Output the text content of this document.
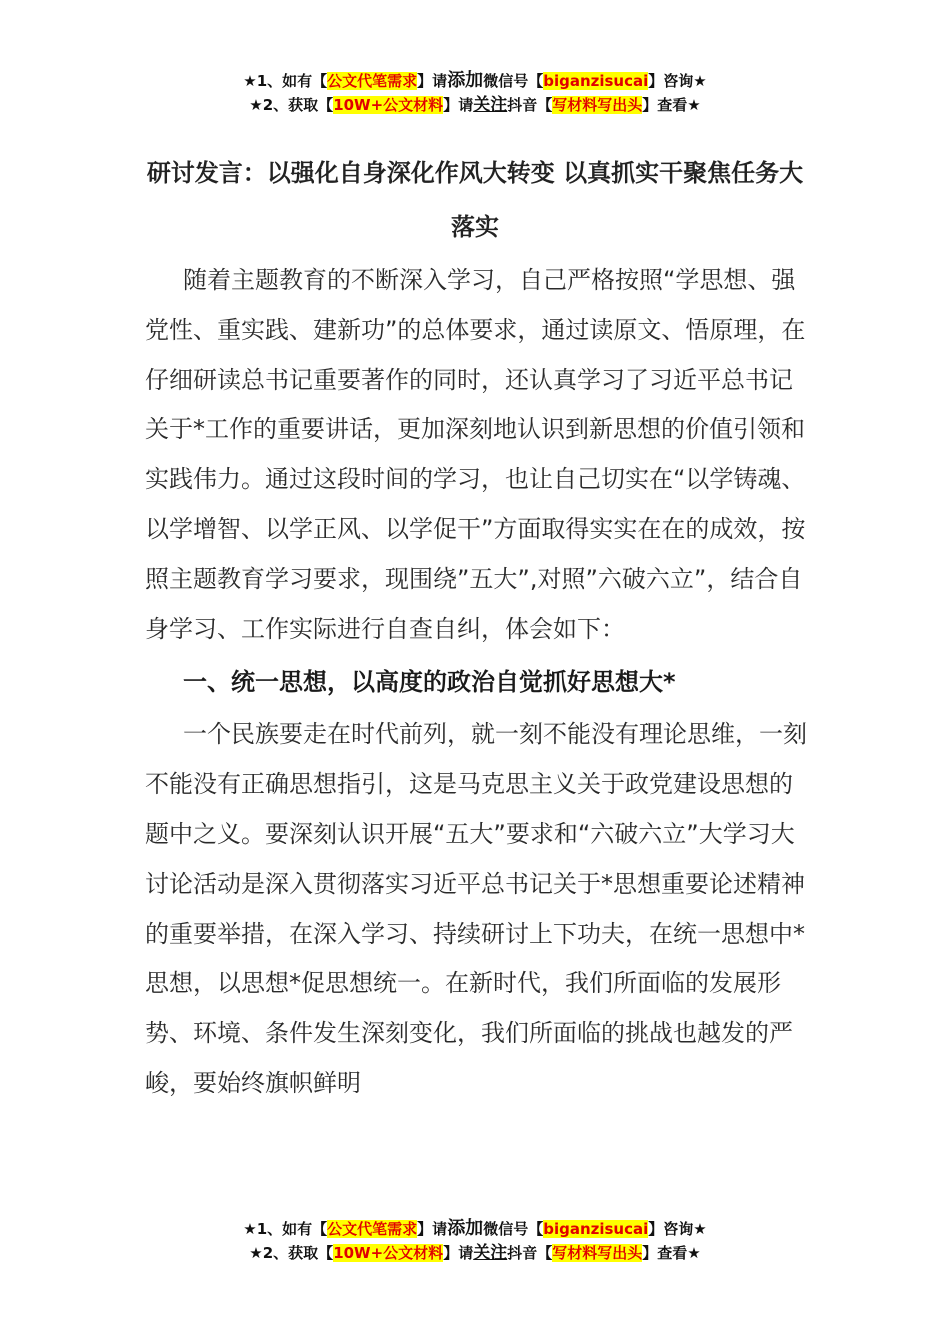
★1、如有【公文代笔需求】请添加微信号【biganzisucai】咨询★
★2、获取【10W+公文材料】请关注抖音【写材料写出头】查看★
研讨发言：以强化自身深化作风大转变 以真抓实干聚焦任务大落实

随着主题教育的不断深入学习，自己严格按照“学思想、强党性、重实践、建新功”的总体要求，通过读原文、悟原理，在仔细研读总书记重要著作的同时，还认真学习了习近平总书记关于*工作的重要讲话，更加深刻地认识到新思想的价值引领和实践伟力。通过这段时间的学习，也让自己切实在“以学铸魂、以学增智、以学正风、以学促干”方面取得实实在在的成效，按照主题教育学习要求，现围绕”五大”,对照”六破六立”，结合自身学习、工作实际进行自查自纠，体会如下：

一、统一思想，以高度的政治自觉抓好思想大*

一个民族要走在时代前列，就一刻不能没有理论思维，一刻不能没有正确思想指引，这是马克思主义关于政党建设思想的题中之义。要深刻认识开展“五大”要求和“六破六立”大学习大讨论活动是深入贯彻落实习近平总书记关于*思想重要论述精神的重要举措，在深入学习、持续研讨上下功夫，在统一思想中*思想，以思想*促思想统一。在新时代，我们所面临的发展形势、环境、条件发生深刻变化，我们所面临的挑战也越发的严峻，要始终旗帜鲜明

★1、如有【公文代笔需求】请添加微信号【biganzisucai】咨询★
★2、获取【10W+公文材料】请关注抖音【写材料写出头】查看★
